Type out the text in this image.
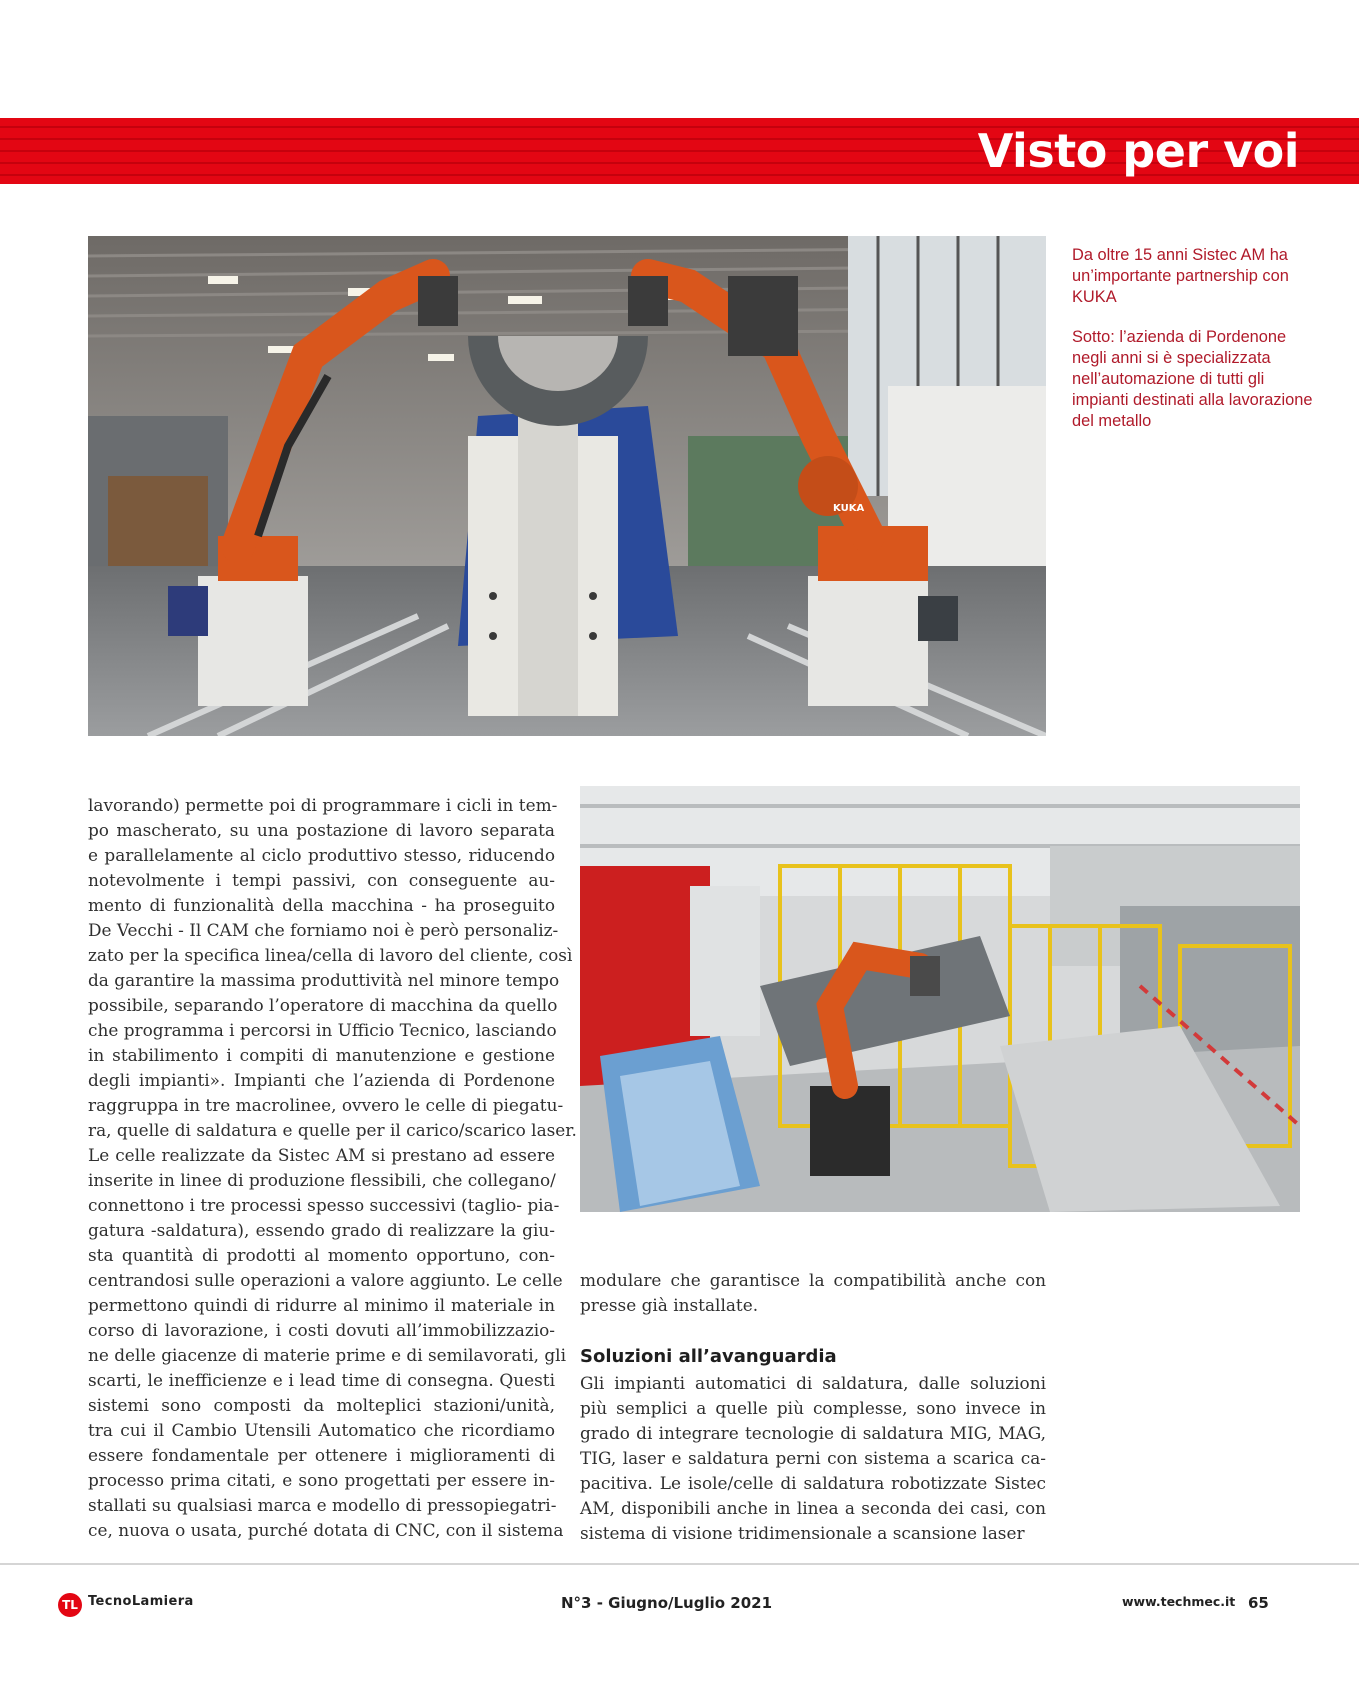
Visto per voi
KUKA

Da oltre 15 anni Sistec AM ha un’importante partnership con KUKA

Sotto: l’azienda di Pordenone negli anni si è specializzata nell’automazione di tutti gli impianti destinati alla lavorazione del metallo

lavorando) permette poi di programmare i cicli in tem-
po mascherato, su una postazione di lavoro separata
e parallelamente al ciclo produttivo stesso, riducendo
notevolmente i tempi passivi, con conseguente au-
mento di funzionalità della macchina - ha proseguito
De Vecchi - Il CAM che forniamo noi è però personaliz-
zato per la specifica linea/cella di lavoro del cliente, così
da garantire la massima produttività nel minore tempo
possibile, separando l’operatore di macchina da quello
che programma i percorsi in Ufficio Tecnico, lasciando
in stabilimento i compiti di manutenzione e gestione
degli impianti». Impianti che l’azienda di Pordenone
raggruppa in tre macrolinee, ovvero le celle di piegatu-
ra, quelle di saldatura e quelle per il carico/scarico laser.
Le celle realizzate da Sistec AM si prestano ad essere
inserite in linee di produzione flessibili, che collegano/
connettono i tre processi spesso successivi (taglio- pia-
gatura -saldatura), essendo grado di realizzare la giu-
sta quantità di prodotti al momento opportuno, con-
centrandosi sulle operazioni a valore aggiunto. Le celle
permettono quindi di ridurre al minimo il materiale in
corso di lavorazione, i costi dovuti all’immobilizzazio-
ne delle giacenze di materie prime e di semilavorati, gli
scarti, le inefficienze e i lead time di consegna. Questi
sistemi sono composti da molteplici stazioni/unità,
tra cui il Cambio Utensili Automatico che ricordiamo
essere fondamentale per ottenere i miglioramenti di
processo prima citati, e sono progettati per essere in-
stallati su qualsiasi marca e modello di pressopiegatri-
ce, nuova o usata, purché dotata di CNC, con il sistema
modulare che garantisce la compatibilità anche con
presse già installate.
Soluzioni all’avanguardia
Gli impianti automatici di saldatura, dalle soluzioni
più semplici a quelle più complesse, sono invece in
grado di integrare tecnologie di saldatura MIG, MAG,
TIG, laser e saldatura perni con sistema a scarica ca-
pacitiva. Le isole/celle di saldatura robotizzate Sistec
AM, disponibili anche in linea a seconda dei casi, con
sistema di visione tridimensionale a scansione laser
TL TecnoLamiera	N°3 - Giugno/Luglio 2021	www.techmec.it 65
